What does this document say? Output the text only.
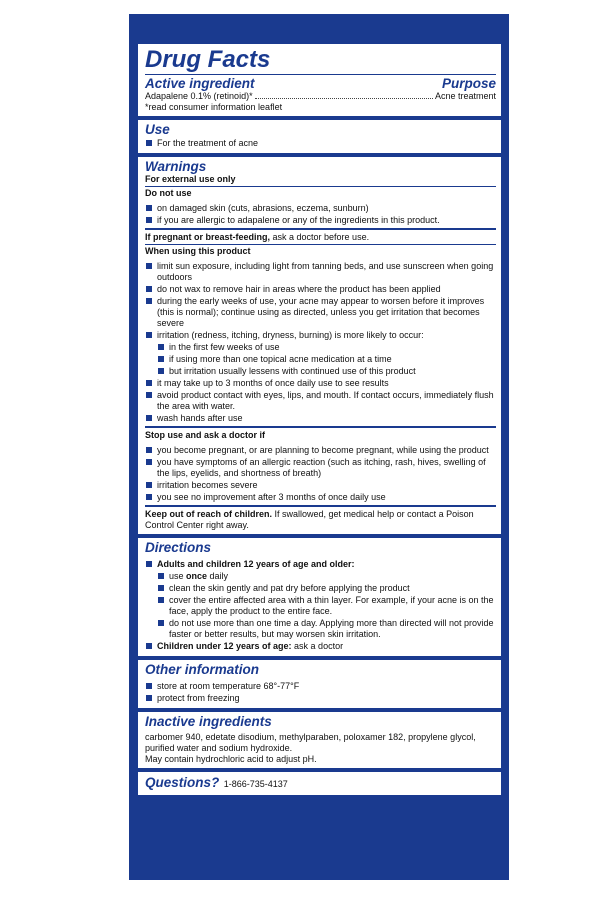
Drug Facts
Active ingredient	Purpose
Adapalene 0.1% (retinoid)*	Acne treatment
*read consumer information leaflet
Use
For the treatment of acne
Warnings
For external use only
Do not use
on damaged skin (cuts, abrasions, eczema, sunburn)
if you are allergic to adapalene or any of the ingredients in this product.
If pregnant or breast-feeding, ask a doctor before use.
When using this product
limit sun exposure, including light from tanning beds, and use sunscreen when going outdoors
do not wax to remove hair in areas where the product has been applied
during the early weeks of use, your acne may appear to worsen before it improves (this is normal); continue using as directed, unless you get irritation that becomes severe
irritation (redness, itching, dryness, burning) is more likely to occur:
in the first few weeks of use
if using more than one topical acne medication at a time
but irritation usually lessens with continued use of this product
it may take up to 3 months of once daily use to see results
avoid product contact with eyes, lips, and mouth. If contact occurs, immediately flush the area with water.
wash hands after use
Stop use and ask a doctor if
you become pregnant, or are planning to become pregnant, while using the product
you have symptoms of an allergic reaction (such as itching, rash, hives, swelling of the lips, eyelids, and shortness of breath)
irritation becomes severe
you see no improvement after 3 months of once daily use
Keep out of reach of children. If swallowed, get medical help or contact a Poison Control Center right away.
Directions
Adults and children 12 years of age and older:
use once daily
clean the skin gently and pat dry before applying the product
cover the entire affected area with a thin layer. For example, if your acne is on the face, apply the product to the entire face.
do not use more than one time a day. Applying more than directed will not provide faster or better results, but may worsen skin irritation.
Children under 12 years of age: ask a doctor
Other information
store at room temperature 68°-77°F
protect from freezing
Inactive ingredients
carbomer 940, edetate disodium, methylparaben, poloxamer 182, propylene glycol, purified water and sodium hydroxide.
May contain hydrochloric acid to adjust pH.
Questions? 1-866-735-4137
